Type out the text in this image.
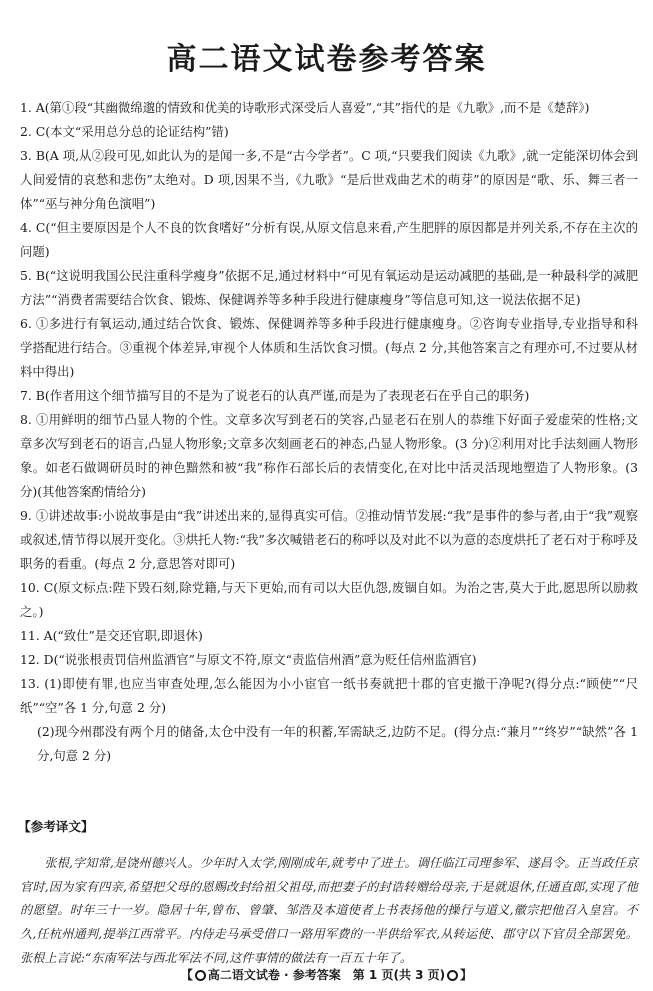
高二语文试卷参考答案

1. A(第①段“其幽微绵邈的情致和优美的诗歌形式深受后人喜爱”,“其”指代的是《九歌》,而不是《楚辞》)

2. C(本文“采用总分总的论证结构”错)

3. B(A 项,从②段可见,如此认为的是闻一多,不是“古今学者”。C 项,“只要我们阅读《九歌》,就一定能深切体会到人间爱情的哀愁和悲伤”太绝对。D 项,因果不当,《九歌》“是后世戏曲艺术的萌芽”的原因是“歌、乐、舞三者一体”“巫与神分角色演唱”)

4. C(“但主要原因是个人不良的饮食嗜好”分析有误,从原文信息来看,产生肥胖的原因都是并列关系,不存在主次的问题)

5. B(“这说明我国公民注重科学瘦身”依据不足,通过材料中“可见有氧运动是运动减肥的基础,是一种最科学的减肥方法”“消费者需要结合饮食、锻炼、保健调养等多种手段进行健康瘦身”等信息可知,这一说法依据不足)

6. ①多进行有氧运动,通过结合饮食、锻炼、保健调养等多种手段进行健康瘦身。②咨询专业指导,专业指导和科学搭配进行结合。③重视个体差异,审视个人体质和生活饮食习惯。(每点 2 分,其他答案言之有理亦可,不过要从材料中得出)

7. B(作者用这个细节描写目的不是为了说老石的认真严谨,而是为了表现老石在乎自己的职务)

8. ①用鲜明的细节凸显人物的个性。文章多次写到老石的笑容,凸显老石在别人的恭维下好面子爱虚荣的性格;文章多次写到老石的语言,凸显人物形象;文章多次刻画老石的神态,凸显人物形象。(3 分)②利用对比手法刻画人物形象。如老石做调研员时的神色黯然和被“我”称作石部长后的表情变化,在对比中活灵活现地塑造了人物形象。(3 分)(其他答案酌情给分)

9. ①讲述故事:小说故事是由“我”讲述出来的,显得真实可信。②推动情节发展:“我”是事件的参与者,由于“我”观察或叙述,情节得以展开变化。③烘托人物:“我”多次喊错老石的称呼以及对此不以为意的态度烘托了老石对于称呼及职务的看重。(每点 2 分,意思答对即可)

10. C(原文标点:陛下毁石刻,除党籍,与天下更始,而有司以大臣仇怨,废锢自如。为治之害,莫大于此,愿思所以励救之。)

11. A(“致仕”是交还官职,即退休)

12. D(“说张根责罚信州监酒官”与原文不符,原文“责监信州酒”意为贬任信州监酒官)

13. (1)即使有罪,也应当审查处理,怎么能因为小小宦官一纸书奏就把十郡的官吏撤干净呢?(得分点:“顾使”“尺纸”“空”各 1 分,句意 2 分)

(2)现今州郡没有两个月的储备,太仓中没有一年的积蓄,军需缺乏,边防不足。(得分点:“兼月”“终岁”“缺然”各 1 分,句意 2 分)

【参考译文】

张根,字知常,是饶州德兴人。少年时入太学,刚刚成年,就考中了进士。调任临江司理参军、遂昌令。正当政任京官时,因为家有四亲,希望把父母的恩赐改封给祖父祖母,而把妻子的封诰转赠给母亲,于是就退休,任通直郎,实现了他的愿望。时年三十一岁。隐居十年,曾布、曾肇、邹浩及本道使者上书表扬他的操行与道义,徽宗把他召入皇宫。不久,任杭州通判,提举江西常平。内侍走马承受借口一路用军费的一半供给军衣,从转运使、郡守以下官员全部罢免。张根上言说:“东南军法与西北军法不同,这件事情的做法有一百五十年了。

【 高二语文试卷 · 参考答案　第 1 页(共 3 页) 】
